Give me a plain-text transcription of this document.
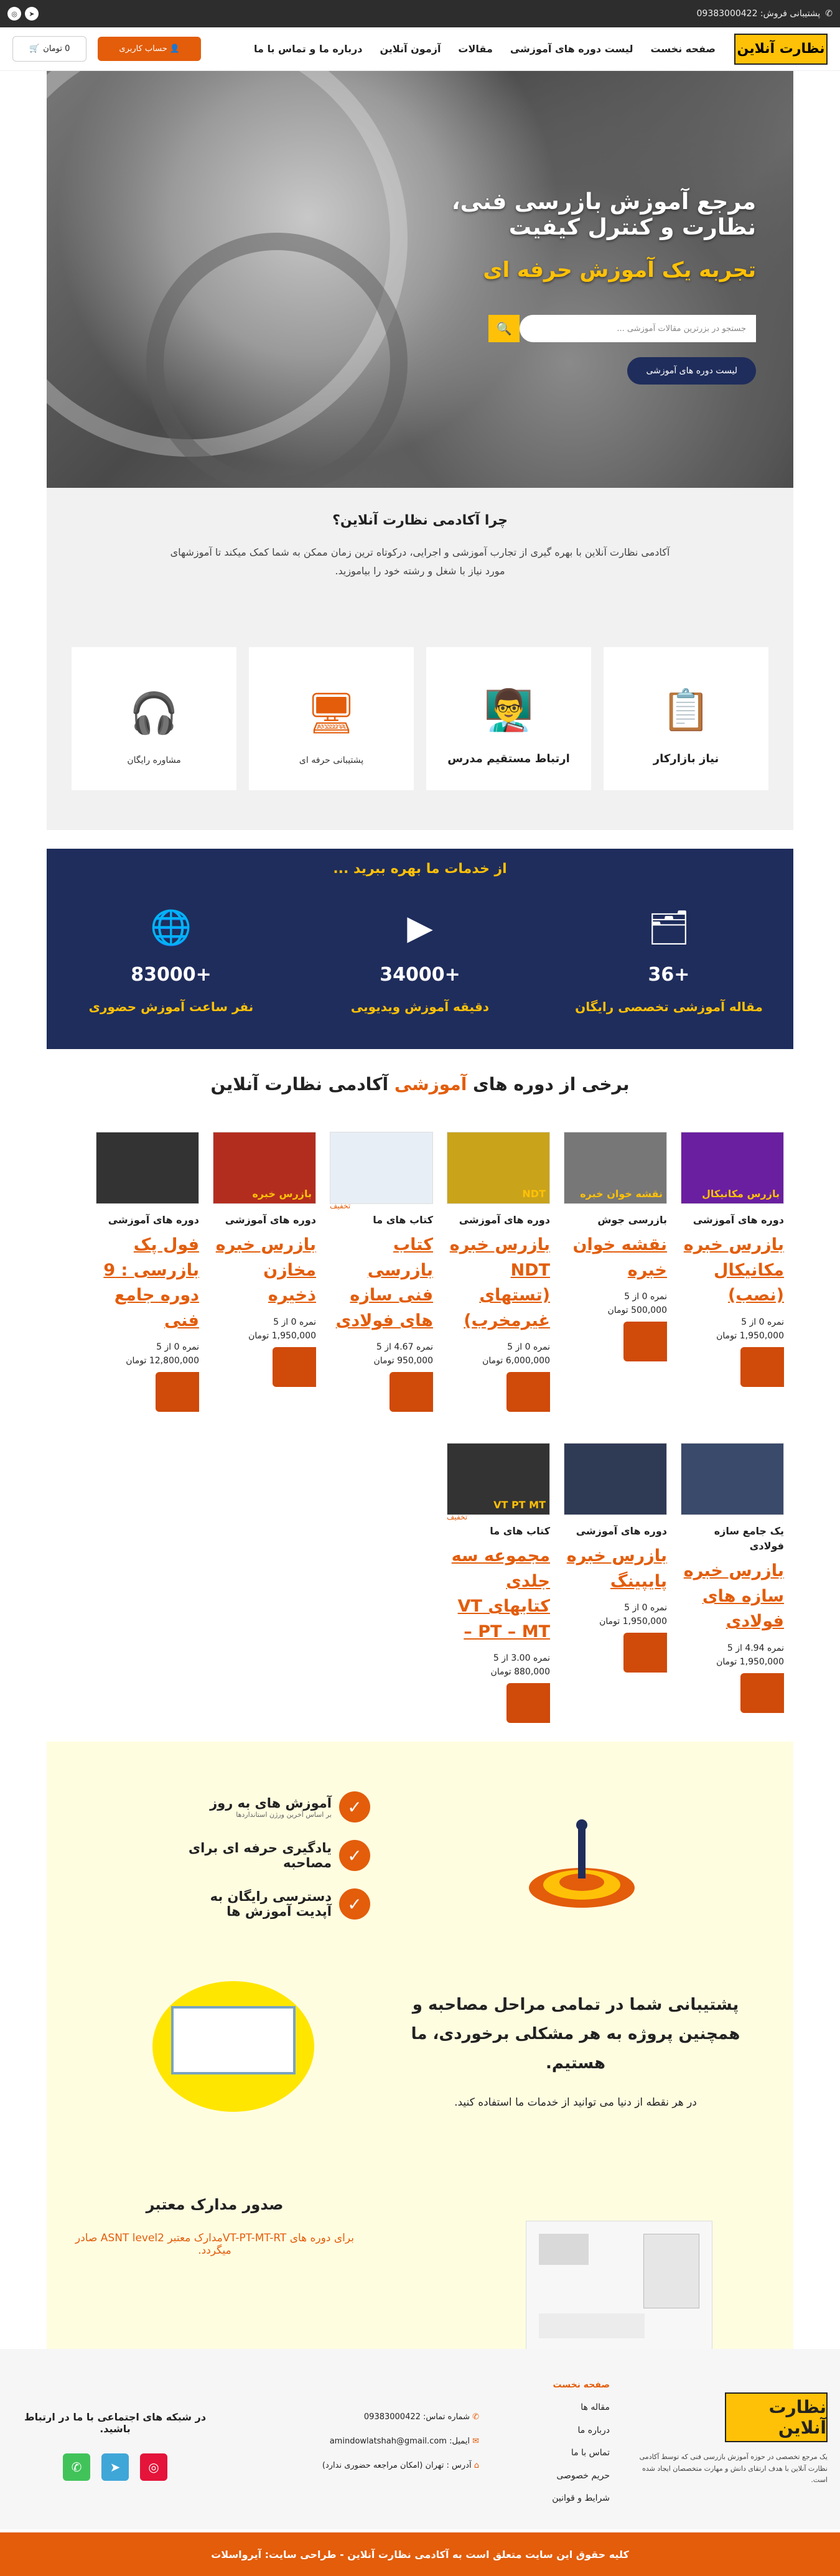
✆
پشتیبانی فروش: 09383000422
➤
◎
نظارت آنلاین
صفحه نخست
لیست دوره های آموزشی
مقالات
آزمون آنلاین
درباره ما و تماس با ما
👤 حساب کاربری
0 تومان
🛒
مرجع آموزش بازرسی فنی، نظارت و کنترل کیفیت
تجربه یک آموزش حرفه ای
جستجو در بزرترین مقالات آموزشی ...
🔍
لیست دوره های آموزشی
چرا آکادمی نظارت آنلاین؟

آکادمی نظارت آنلاین با بهره گیری از تجارب آموزشی و اجرایی، درکوتاه ترین زمان ممکن به شما کمک میکند تا آموزشهای مورد نیاز با شغل و رشته خود را بیاموزید.

📋
نیاز بازارکار
👨‍🏫
ارتباط مستقیم مدرس
🖥
پشتیبانی حرفه ای
🎧
مشاوره رایگان
از خدمات ما بهره ببرید ...
🗂
+36
مقاله آموزشی تخصصی رایگان
▶
+34000
دقیقه آموزش ویدیویی
🌐
+83000
نفر ساعت آموزش حضوری
برخی از دوره های آموزشی آکادمی نظارت آنلاین
بازرس مکانیکال
دوره های آموزشی
بازرس خبره مکانیکال (نصب)
نمره 0 از 5
1,950,000 تومان
نقشه خوان خبره
بازرسی جوش
نقشه خوان خبره
نمره 0 از 5
500,000 تومان
NDT
دوره های آموزشی
بازرس خبره NDT (تستهای غیرمخرب)
نمره 0 از 5
6,000,000 تومان
تخفیف
کتاب های ما
کتاب بازرسی فنی سازه های فولادی
نمره 4.67 از 5
950,000 تومان
بازرس خبره
دوره های آموزشی
بازرس خبره مخازن ذخیره
نمره 0 از 5
1,950,000 تومان
دوره های آموزشی
فول پک بازرسی : 9 دوره جامع فنی
نمره 0 از 5
12,800,000 تومان
یک جامع سازه فولادی
بازرس خبره سازه های فولادی
نمره 4.94 از 5
1,950,000 تومان
دوره های آموزشی
بازرس خبره پایپینگ
نمره 0 از 5
1,950,000 تومان
VT PT MT
تخفیف
کتاب های ما
مجموعه سه جلدی کتابهای VT – PT – MT
نمره 3.00 از 5
880,000 تومان
✓
آموزش های به روز
بر اساس آخرین ورژن استانداردها
✓
یادگیری حرفه ای برای مصاحبه
✓
دسترسی رایگان به آپدیت آموزش ها
پشتیبانی شما در تمامی مراحل مصاحبه و همچنین پروژه به هر مشکلی برخوردی، ما هستیم.

در هر نقطه از دنیا می توانید از خدمات ما استفاده کنید.

صدور مدارک معتبر

برای دوره های VT-PT-MT-RTمدارک معتبر ASNT level2 صادر میگردد.

نظارت آنلاین
یک مرجع تخصصی در حوزه آموزش بازرسی فنی که توسط آکادمی نظارت آنلاین با هدف ارتقای دانش و مهارت متخصصان ایجاد شده است.
صفحه نخست
مقاله ها
درباره ما
تماس با ما
حریم خصوصی
شرایط و قوانین
✆ شماره تماس: 09383000422
✉ ایمیل: amindowlatshah@gmail.com
⌂ آدرس : تهران (امکان مراجعه حضوری ندارد)
در شبکه های اجتماعی با ما در ارتباط باشید.
◎
➤
✆
کلیه حقوق این سایت متعلق است به آکادمی نظارت آنلاین - طراحی سایت: آیرواسلات
